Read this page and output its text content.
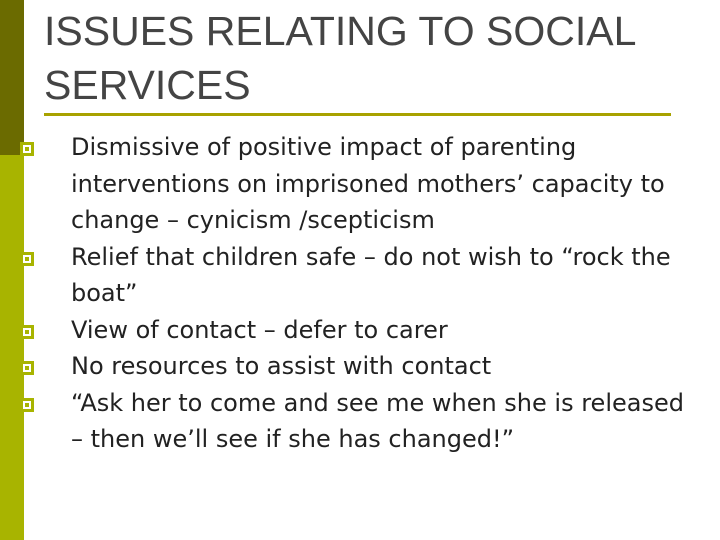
ISSUES RELATING TO SOCIAL SERVICES
Dismissive of positive impact of parenting interventions on imprisoned mothers’ capacity to change – cynicism /scepticism
Relief that children safe – do not wish to “rock the boat”
View of contact – defer to carer
No resources to assist with contact
“Ask her to come and see me when she is released – then we’ll see if she has changed!”
